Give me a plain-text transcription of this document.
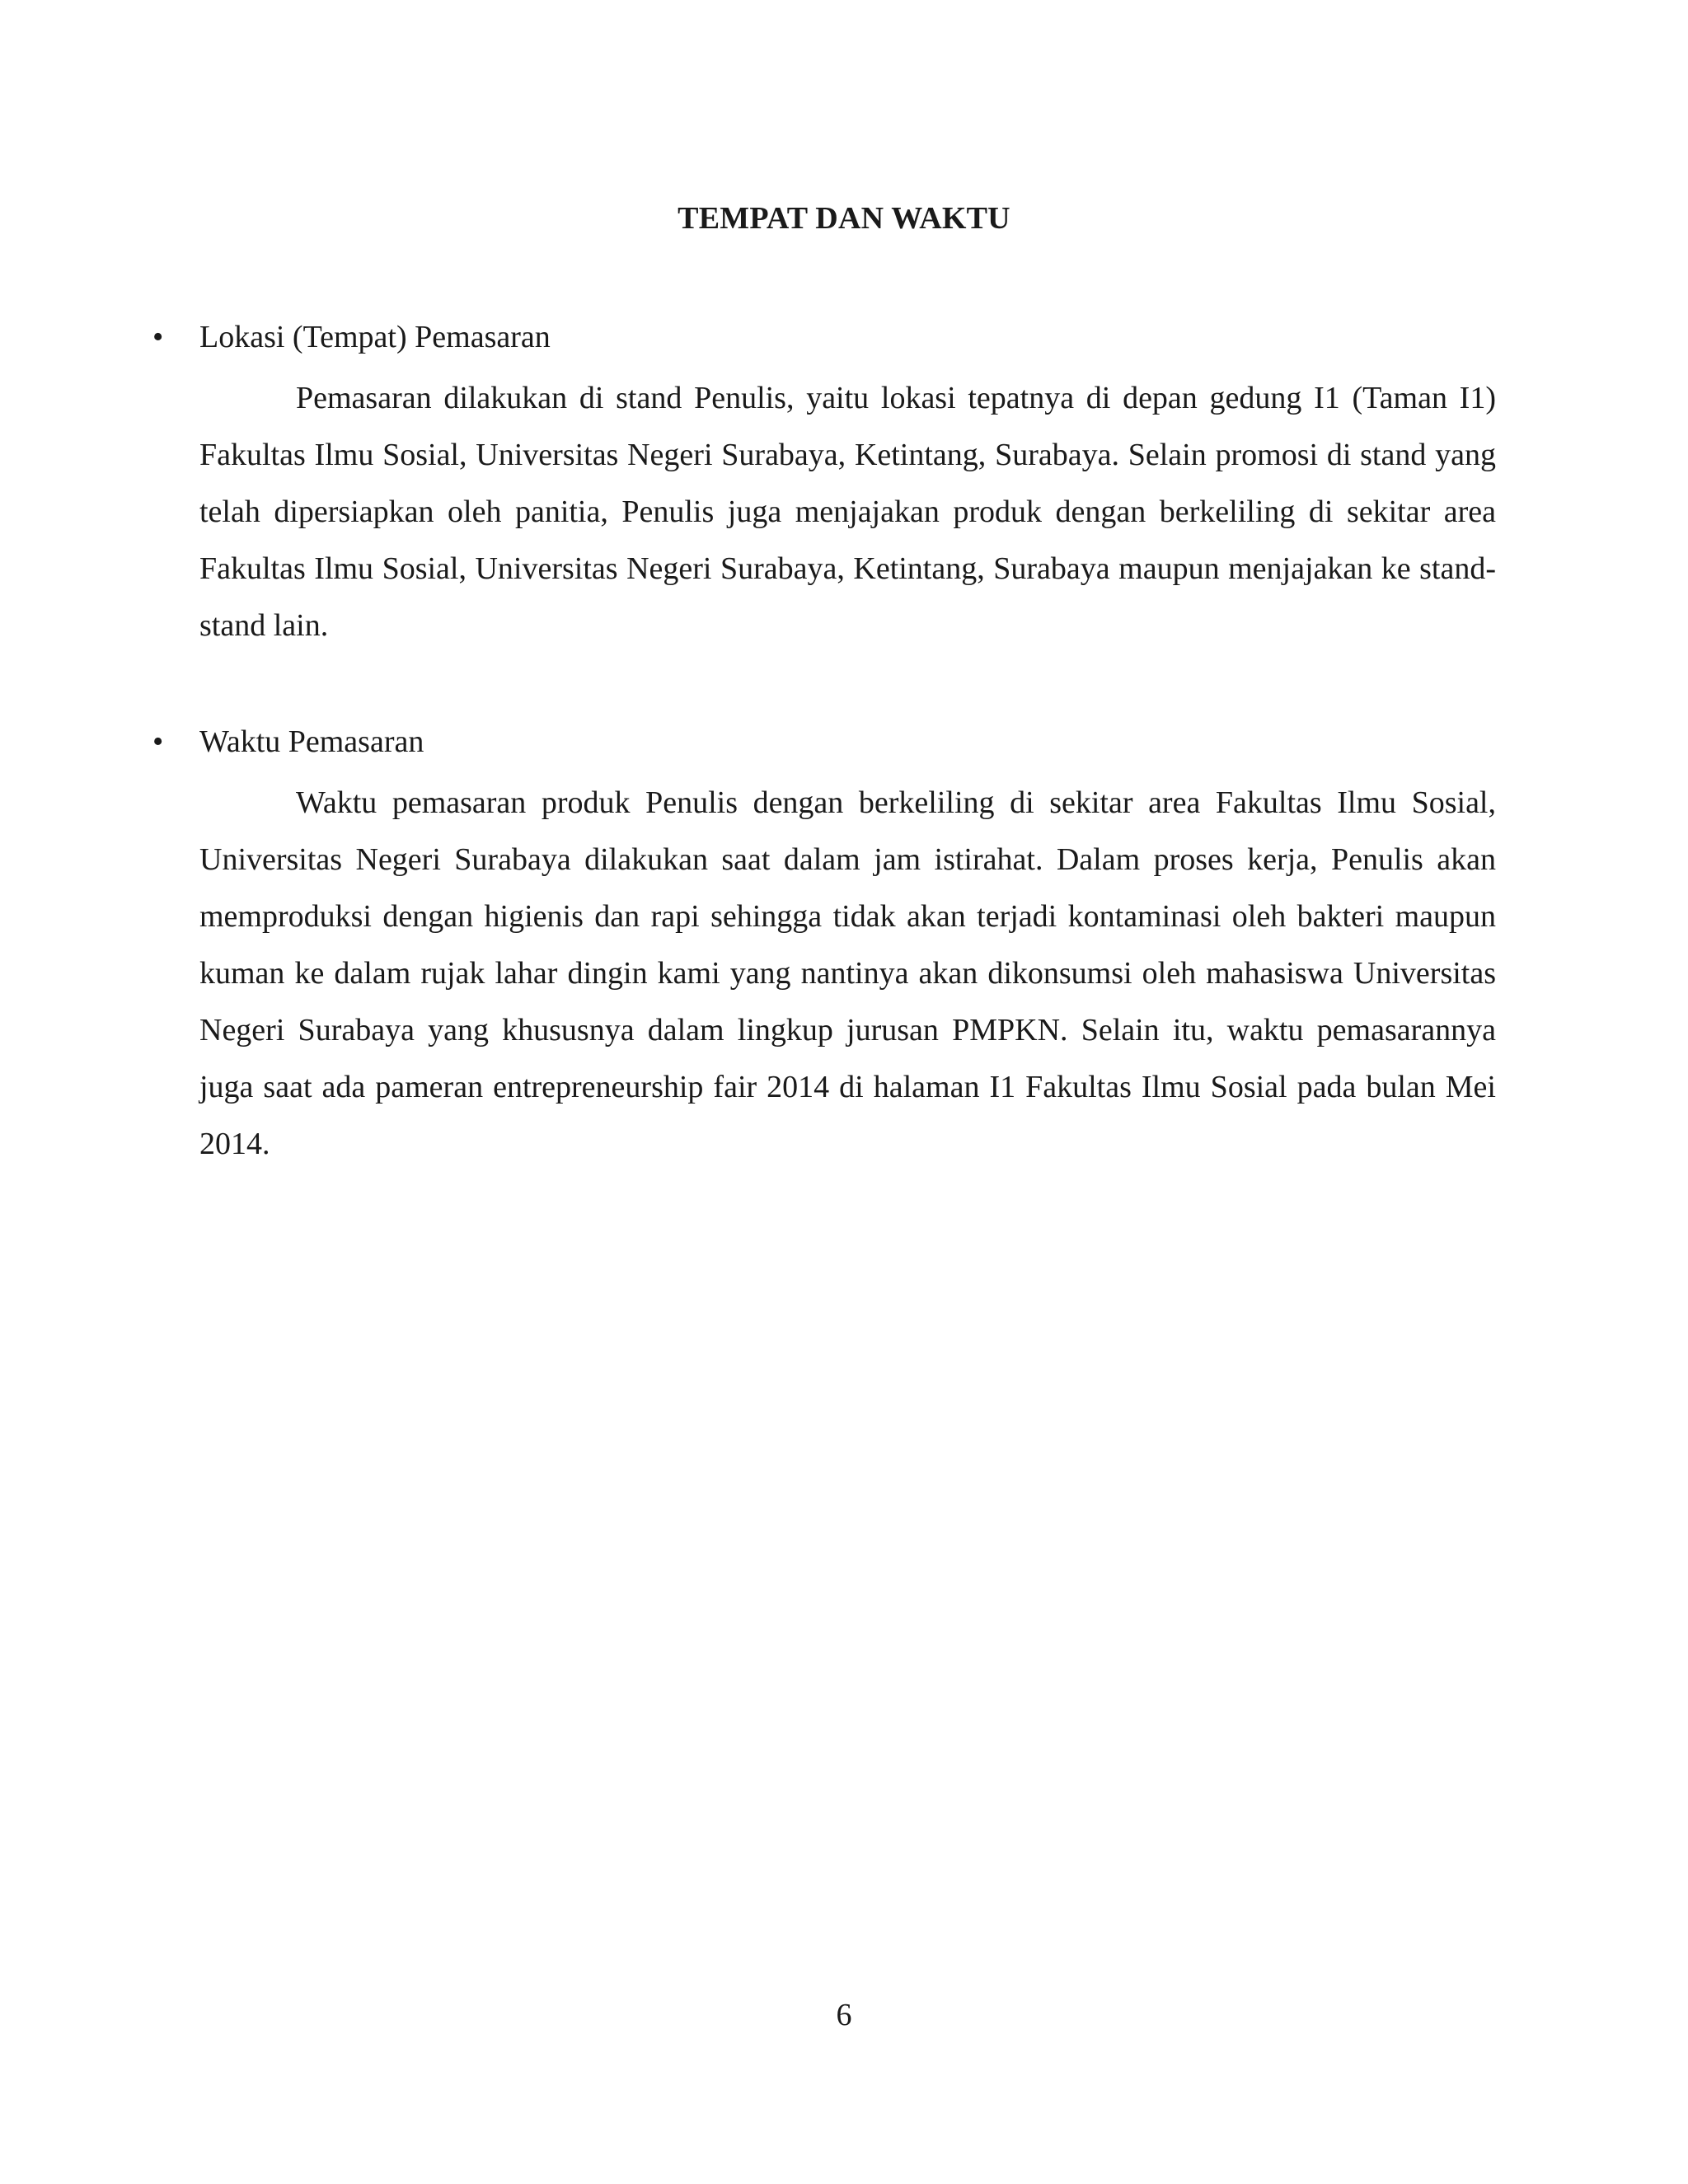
TEMPAT DAN WAKTU
•	Lokasi (Tempat) Pemasaran

Pemasaran dilakukan di stand Penulis, yaitu lokasi tepatnya di depan gedung I1 (Taman I1) Fakultas Ilmu Sosial, Universitas Negeri Surabaya, Ketintang, Surabaya. Selain promosi di stand yang telah dipersiapkan oleh panitia, Penulis juga menjajakan produk dengan berkeliling di sekitar area Fakultas Ilmu Sosial, Universitas Negeri Surabaya, Ketintang, Surabaya maupun menjajakan ke stand-stand lain.

•	Waktu Pemasaran

Waktu pemasaran produk Penulis dengan berkeliling di sekitar area Fakultas Ilmu Sosial, Universitas Negeri Surabaya dilakukan saat dalam jam istirahat. Dalam proses kerja, Penulis akan memproduksi dengan higienis dan rapi sehingga tidak akan terjadi kontaminasi oleh bakteri maupun kuman ke dalam rujak lahar dingin kami yang nantinya akan dikonsumsi oleh mahasiswa Universitas Negeri Surabaya yang khususnya dalam lingkup jurusan PMPKN. Selain itu, waktu pemasarannya juga saat ada pameran entrepreneurship fair 2014 di halaman I1 Fakultas Ilmu Sosial pada bulan Mei 2014.

6
